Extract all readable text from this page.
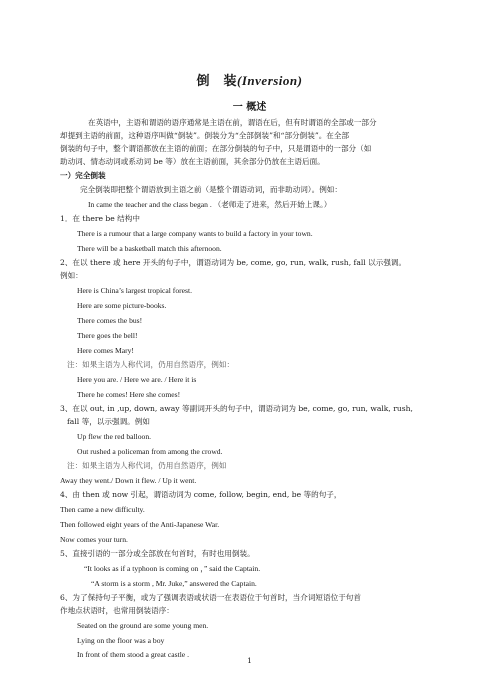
倒　装(Inversion)
一 概述
在英语中，主语和谓语的语序通常是主语在前，谓语在后，但有时谓语的全部或一部分
却提到主语的前面，这种语序叫做“倒装”。倒装分为“全部倒装”和“部分倒装”。在全部
倒装的句子中，整个谓语都放在主语的前面；在部分倒装的句子中，只是谓语中的一部分（如
助动词、情态动词或系动词 be 等）放在主语前面，其余部分仍放在主语后面。
一）完全倒装
完全倒装即把整个谓语放到主语之前（是整个谓语动词，而非助动词）。例如：
In came the teacher and the class began . （老师走了进来，然后开始上课。）
1．在 there be 结构中
There is a rumour that a large company wants to build a factory in your town.
There will be a basketball match this afternoon.
2、在以 there 或 here 开头的句子中，谓语动词为 be, come, go, run, walk, rush, fall 以示强调。
例如：
Here is China’s largest tropical forest.
Here are some picture-books.
There comes the bus!
There goes the bell!
Here comes Mary!
注：如果主语为人称代词，仍用自然语序，例如：
Here you are. / Here we are. / Here it is
There he comes! Here she comes!
3、在以 out, in ,up, down, away 等副词开头的句子中，谓语动词为 be, come, go, run, walk, rush,
fall 等，以示强调。例如
Up flew the red balloon.
Out rushed a policeman from among the crowd.
注：如果主语为人称代词，仍用自然语序，例如
Away they went./ Down it flew. / Up it went.
4、由 then 或 now 引起，谓语动词为 come, follow, begin, end, be 等的句子，
Then came a new difficulty.
Then followed eight years of the Anti-Japanese War.
Now comes your turn.
5、直接引语的一部分或全部放在句首时，有时也用倒装。
“It looks as if a typhoon is coming on ，” said the Captain.
“A storm is a storm , Mr. Juke,” answered the Captain.
6、为了保持句子平衡，或为了强调表语或状语一在表语位于句首时，当介词短语位于句首
作地点状语时，也常用倒装语序：
Seated on the ground are some young men.
Lying on the floor was a boy
In front of them stood a great castle .
1
